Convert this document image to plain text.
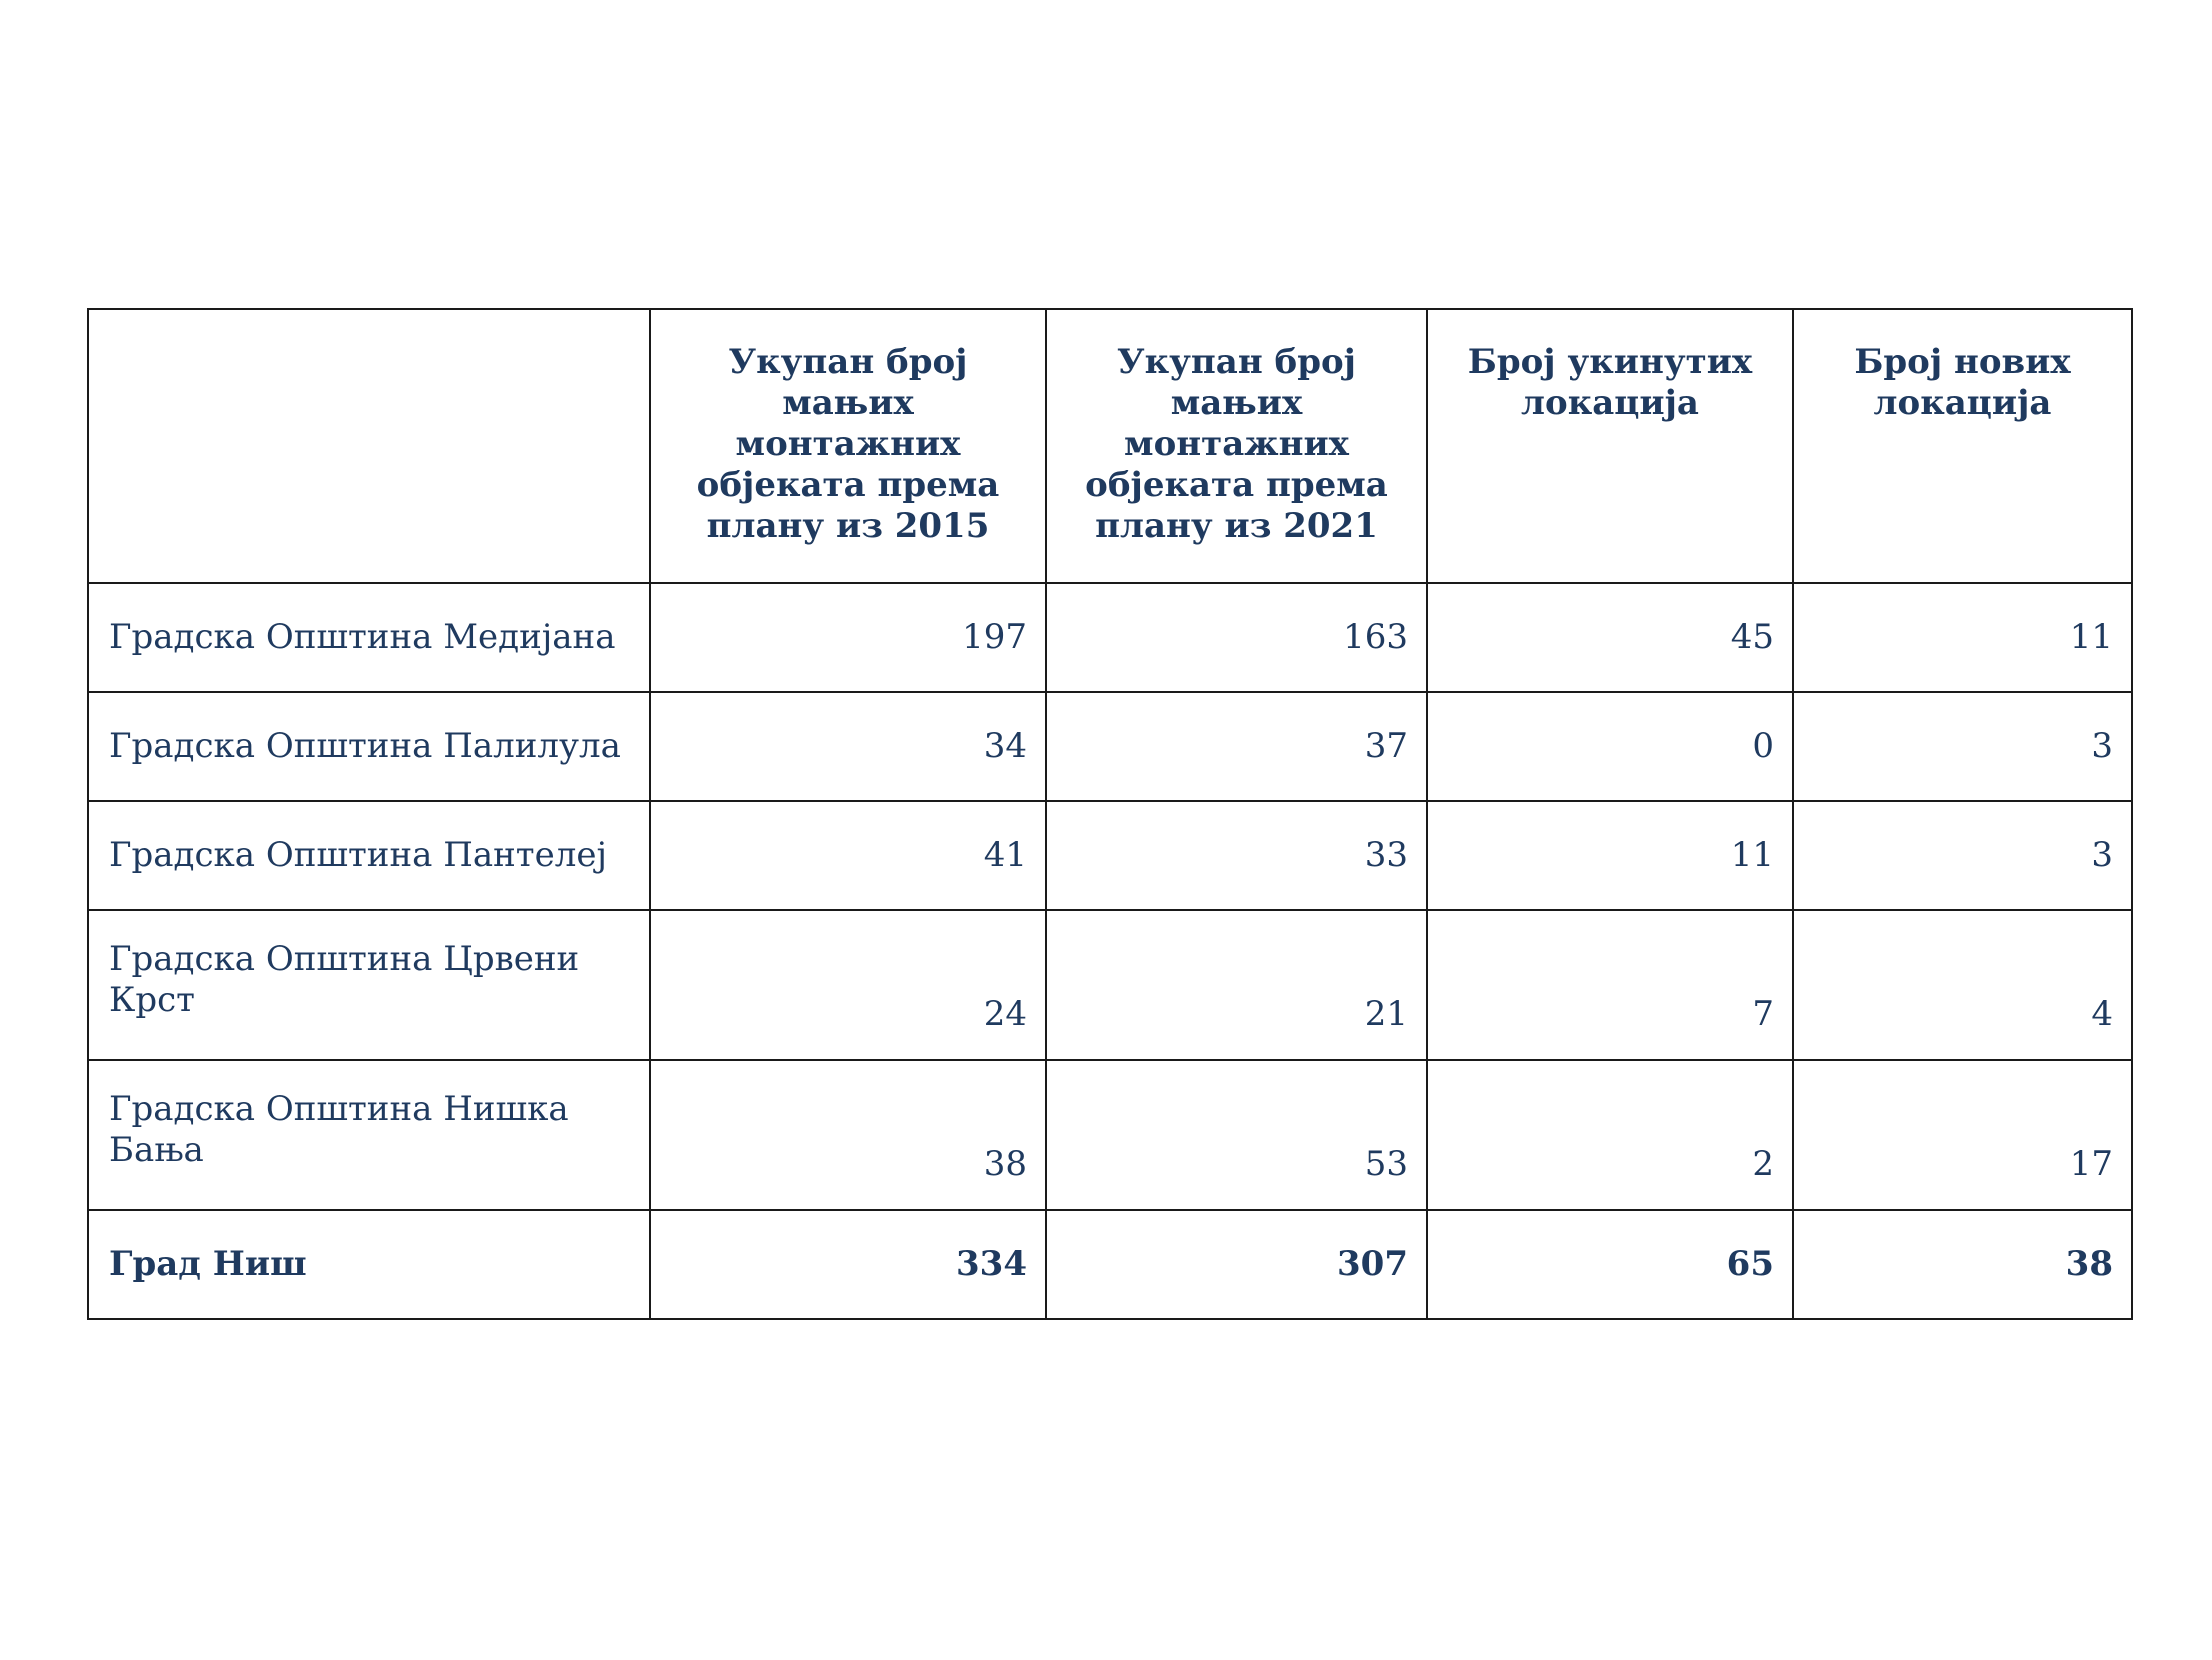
	Укупан број мањих монтажних објеката према плану из 2015	Укупан број мањих монтажних објеката према плану из 2021	Број укинутих локација	Број нових локација
Градска Општина Медијана	197	163	45	11
Градска Општина Палилула	34	37	0	3
Градска Општина Пантелеј	41	33	11	3
Градска Општина Црвени Крст	24	21	7	4
Градска Општина Нишка Бања	38	53	2	17
Град Ниш	334	307	65	38
